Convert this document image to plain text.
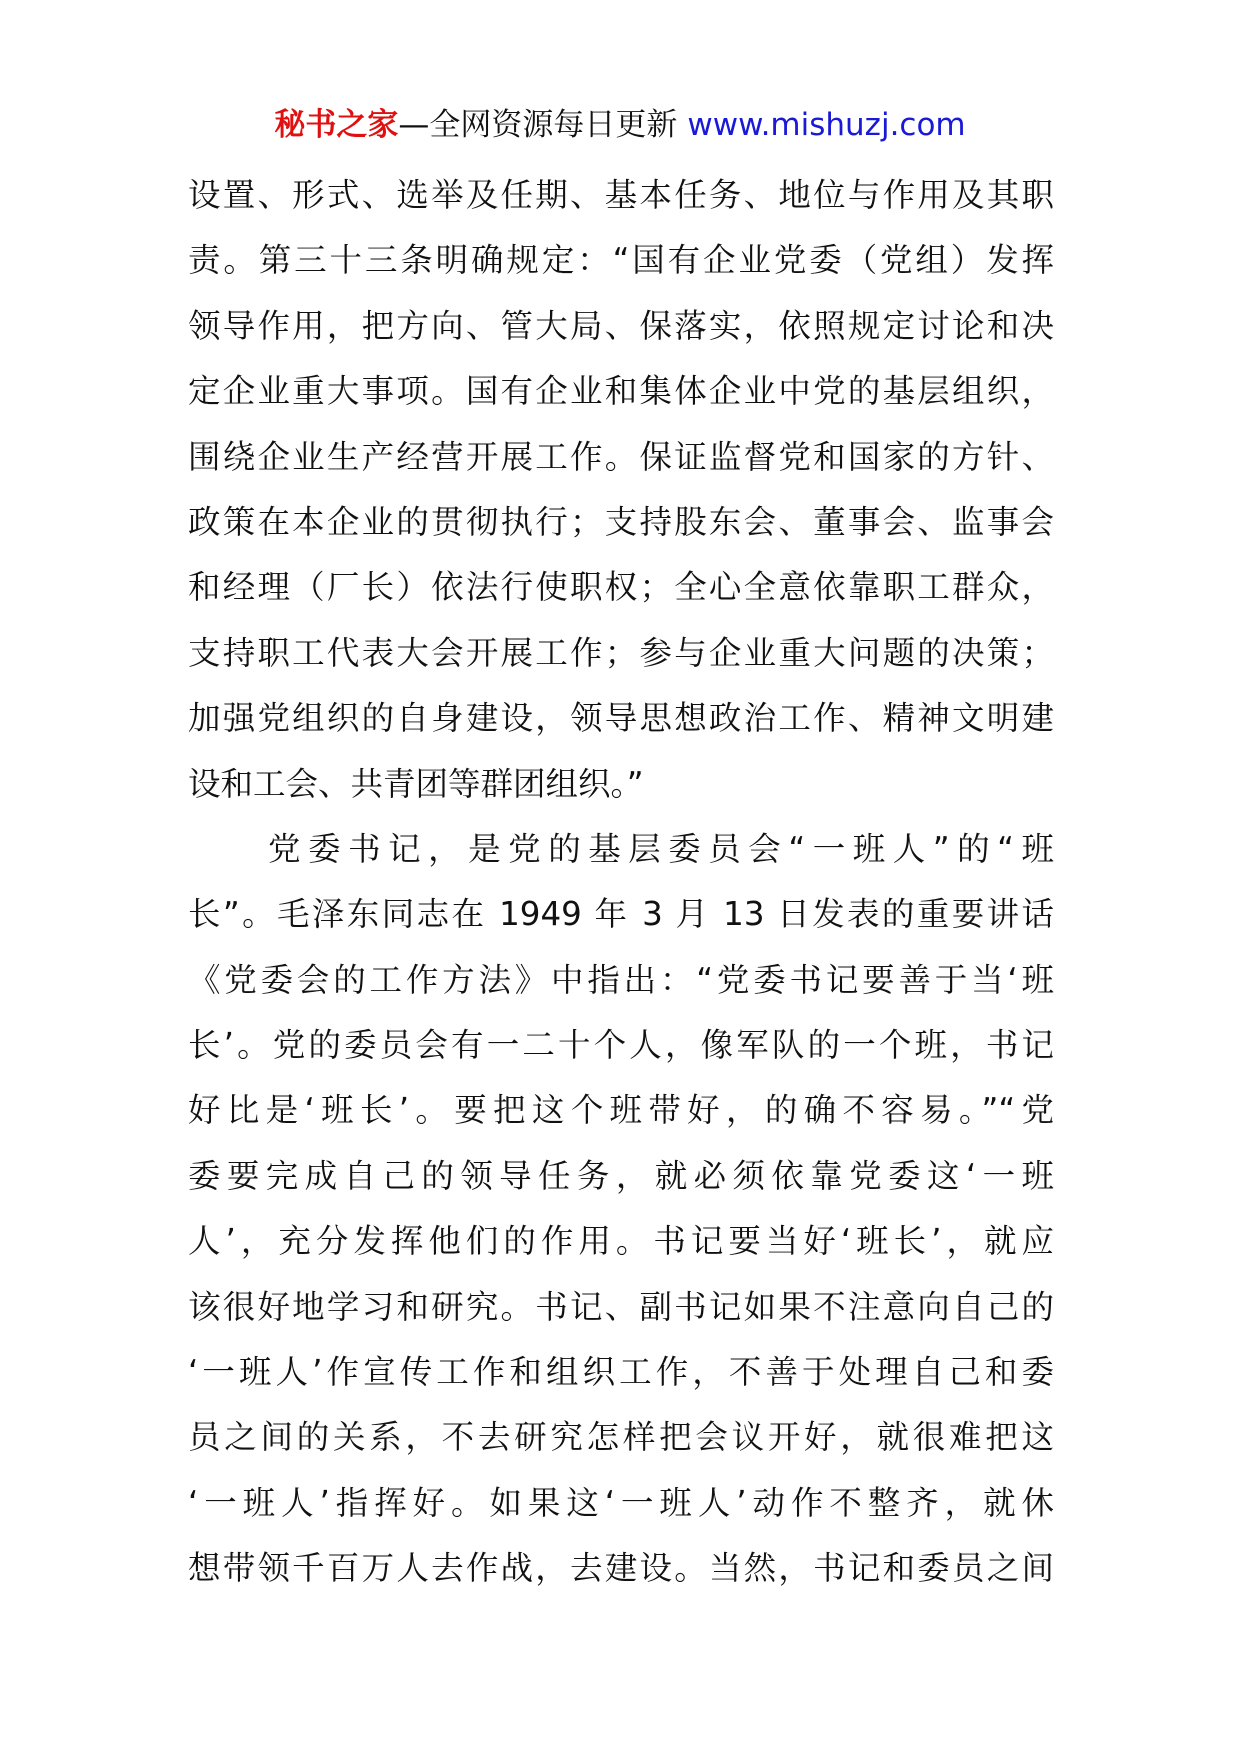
秘书之家—全网资源每日更新 www.mishuzj.com
设置、形式、选举及任期、基本任务、地位与作用及其职
责。第三十三条明确规定：“国有企业党委（党组）发挥
领导作用，把方向、管大局、保落实，依照规定讨论和决
定企业重大事项。国有企业和集体企业中党的基层组织，
围绕企业生产经营开展工作。保证监督党和国家的方针、
政策在本企业的贯彻执行；支持股东会、董事会、监事会
和经理（厂长）依法行使职权；全心全意依靠职工群众，
支持职工代表大会开展工作；参与企业重大问题的决策；
加强党组织的自身建设，领导思想政治工作、精神文明建
设和工会、共青团等群团组织。”
　　党委书记，是党的基层委员会“一班人”的“班
长”。毛泽东同志在 1949 年 3 月 13 日发表的重要讲话
《党委会的工作方法》中指出：“党委书记要善于当‘班
长’。党的委员会有一二十个人，像军队的一个班，书记
好比是‘班长’。要把这个班带好，的确不容易。”“党
委要完成自己的领导任务，就必须依靠党委这‘一班
人’，充分发挥他们的作用。书记要当好‘班长’，就应
该很好地学习和研究。书记、副书记如果不注意向自己的
‘一班人’作宣传工作和组织工作，不善于处理自己和委
员之间的关系，不去研究怎样把会议开好，就很难把这
‘一班人’指挥好。如果这‘一班人’动作不整齐，就休
想带领千百万人去作战，去建设。当然，书记和委员之间
